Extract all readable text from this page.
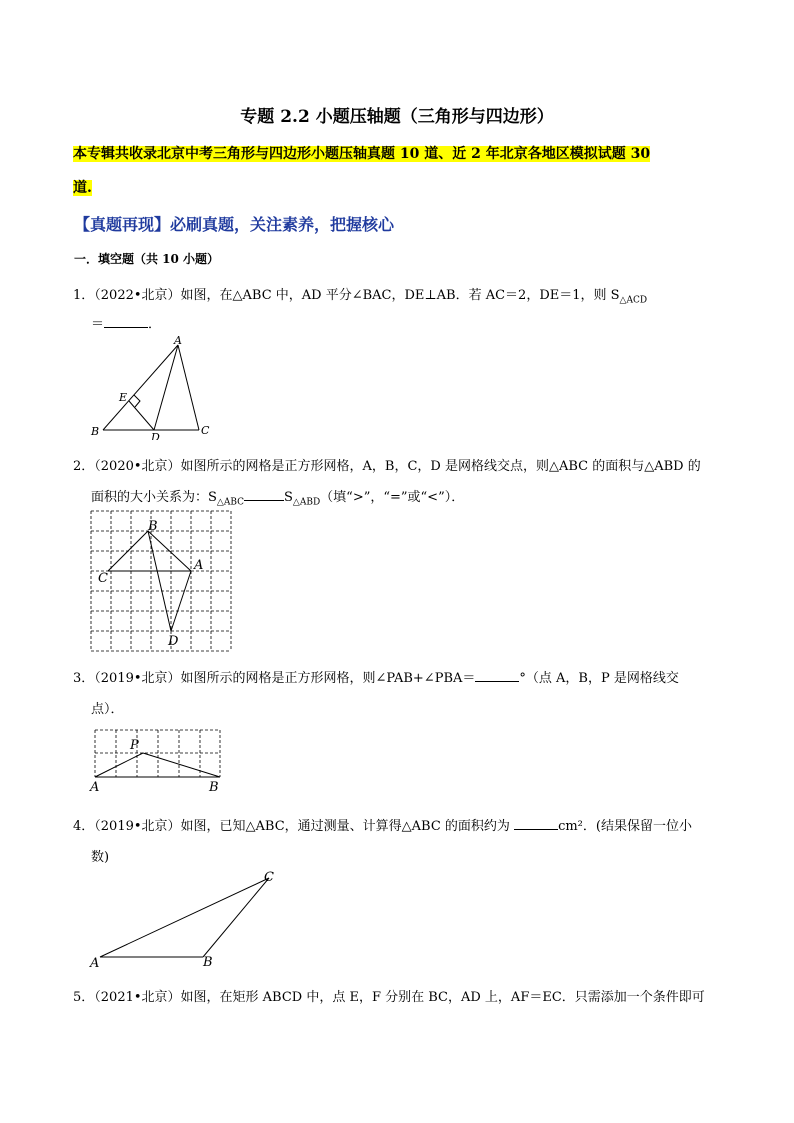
专题 2.2 小题压轴题（三角形与四边形）
本专辑共收录北京中考三角形与四边形小题压轴真题 10 道、近 2 年北京各地区模拟试题 30
道.
【真题再现】必刷真题，关注素养，把握核心
一．填空题（共 10 小题）
1．（2022•北京）如图，在△ABC 中，AD 平分∠BAC，DE⊥AB．若 AC＝2，DE＝1，则 $S_{\triangle ACD}$
＝	．
A
B	C
D
E
2．（2020•北京）如图所示的网格是正方形网格，A，B，C，D 是网格线交点，则△ABC 的面积与△ABD 的
面积的大小关系为：$S_{\triangle ABC}$	$S_{\triangle ABD}$（填“>”，“=”或“<”）．
B
C
A
D
3．（2019•北京）如图所示的网格是正方形网格，则∠PAB+∠PBA＝	°（点 A，B，P 是网格线交
点）．
P
A	B
4．（2019•北京）如图，已知△ABC，通过测量、计算得△ABC 的面积约为	cm²．(结果保留一位小
数)
C
A	B
5．（2021•北京）如图，在矩形 ABCD 中，点 E，F 分别在 BC，AD 上，AF＝EC．只需添加一个条件即可
